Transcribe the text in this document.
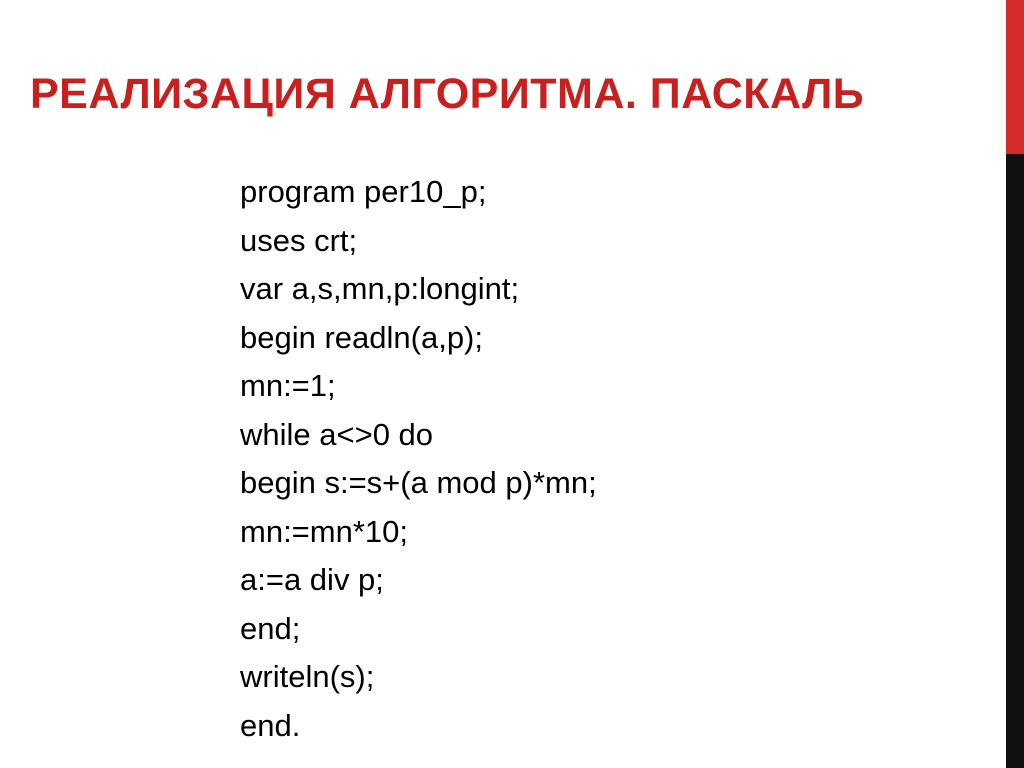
РЕАЛИЗАЦИЯ АЛГОРИТМА. ПАСКАЛЬ
program per10_p;
uses crt;
var a,s,mn,p:longint;
begin readln(a,p);
mn:=1;
while a<>0 do
begin s:=s+(a mod p)*mn;
mn:=mn*10;
a:=a div p;
end;
writeln(s);
end.
